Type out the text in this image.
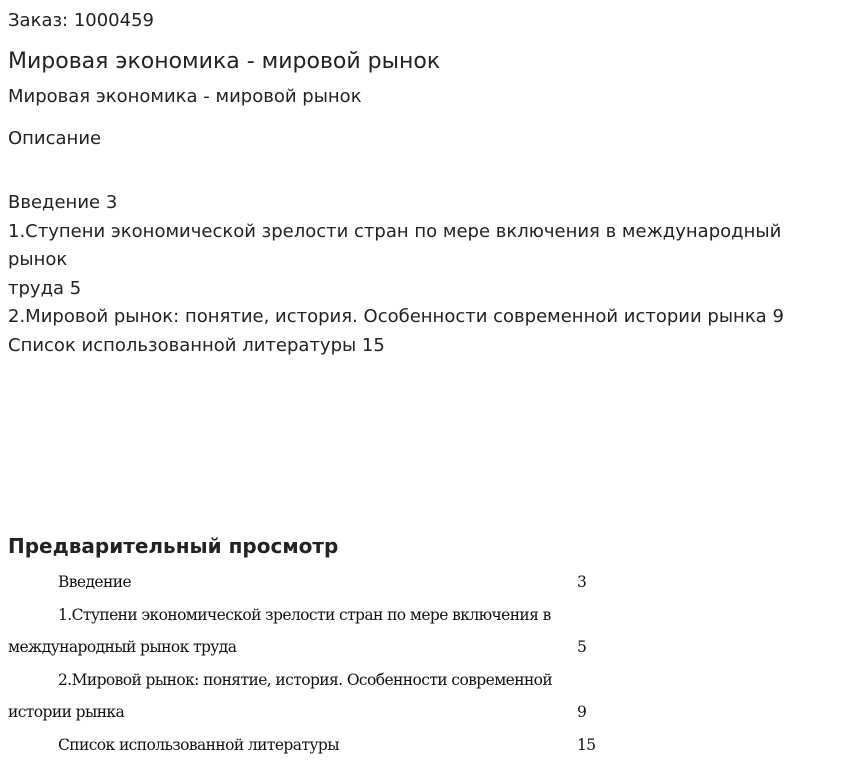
Заказ: 1000459
Мировая экономика - мировой рынок
Мировая экономика - мировой рынок
Описание
Введение 3
1.Ступени экономической зрелости стран по мере включения в международный
рынок
труда 5
2.Мировой рынок: понятие, история. Особенности современной истории рынка 9
Список использованной литературы 15
Предварительный просмотр
Введение	3
1.Ступени экономической зрелости стран по мере включения в
международный рынок труда	5
2.Мировой рынок: понятие, история. Особенности современной
истории рынка	9
Список использованной литературы	15
